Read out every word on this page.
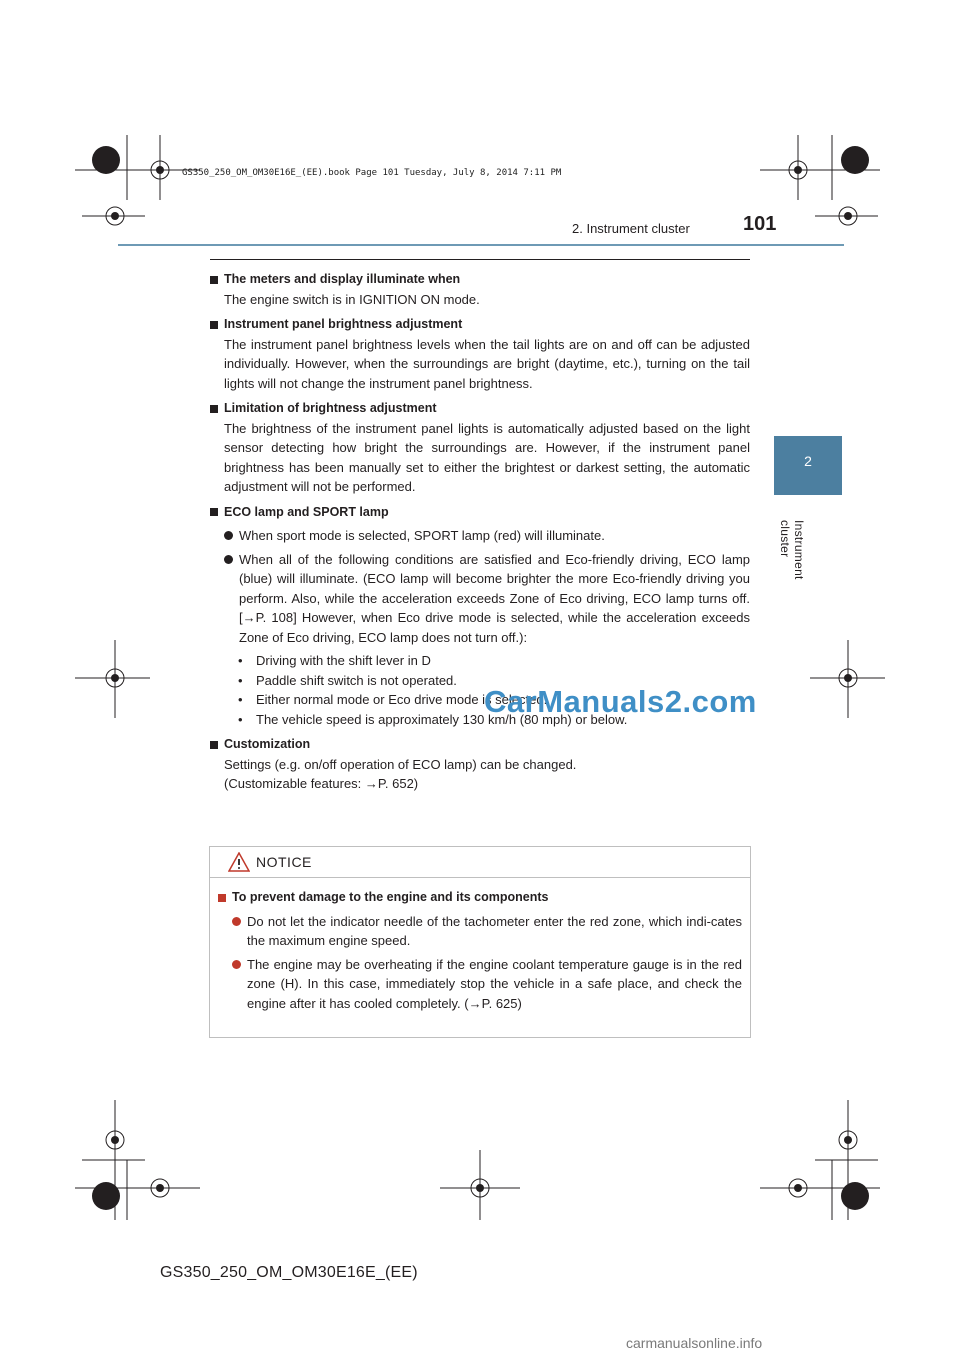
GS350_250_OM_OM30E16E_(EE).book Page 101 Tuesday, July 8, 2014 7:11 PM
2. Instrument cluster	101
2
Instrument cluster
The meters and display illuminate when
The engine switch is in IGNITION ON mode.
Instrument panel brightness adjustment
The instrument panel brightness levels when the tail lights are on and off can be adjusted individually. However, when the surroundings are bright (daytime, etc.), turning on the tail lights will not change the instrument panel brightness.
Limitation of brightness adjustment
The brightness of the instrument panel lights is automatically adjusted based on the light sensor detecting how bright the surroundings are. However, if the instrument panel brightness has been manually set to either the brightest or darkest setting, the automatic adjustment will not be performed.
ECO lamp and SPORT lamp
When sport mode is selected, SPORT lamp (red) will illuminate.
When all of the following conditions are satisfied and Eco-friendly driving, ECO lamp (blue) will illuminate. (ECO lamp will become brighter the more Eco-friendly driving you perform. Also, while the acceleration exceeds Zone of Eco driving, ECO lamp turns off. [→P. 108] However, when Eco drive mode is selected, while the acceleration exceeds Zone of Eco driving, ECO lamp does not turn off.):
•	Driving with the shift lever in D
•	Paddle shift switch is not operated.
•	Either normal mode or Eco drive mode is selected.
•	The vehicle speed is approximately 130 km/h (80 mph) or below.
Customization
Settings (e.g. on/off operation of ECO lamp) can be changed.
(Customizable features: →P. 652)
NOTICE
To prevent damage to the engine and its components
Do not let the indicator needle of the tachometer enter the red zone, which indi-cates the maximum engine speed.
The engine may be overheating if the engine coolant temperature gauge is in the red zone (H). In this case, immediately stop the vehicle in a safe place, and check the engine after it has cooled completely. (→P. 625)
CarManuals2.com
GS350_250_OM_OM30E16E_(EE)
carmanualsonline.info
